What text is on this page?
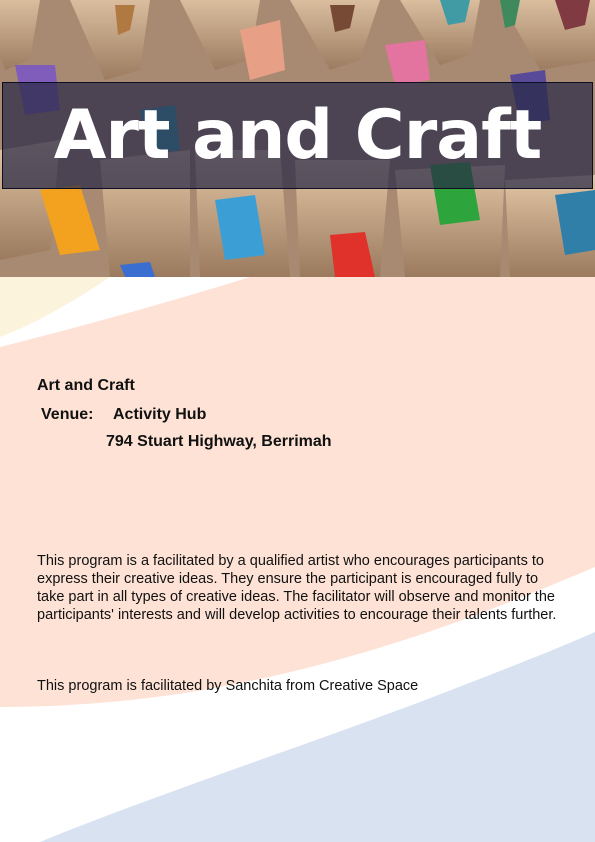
Art and Craft

Art and Craft

Venue: Activity Hub
794 Stuart Highway, Berrimah

This program is a facilitated by a qualified artist who encourages participants to express their creative ideas. They ensure the participant is encouraged fully to take part in all types of creative ideas. The facilitator will observe and monitor the participants' interests and will develop activities to encourage their talents further.

This program is facilitated by Sanchita from Creative Space
